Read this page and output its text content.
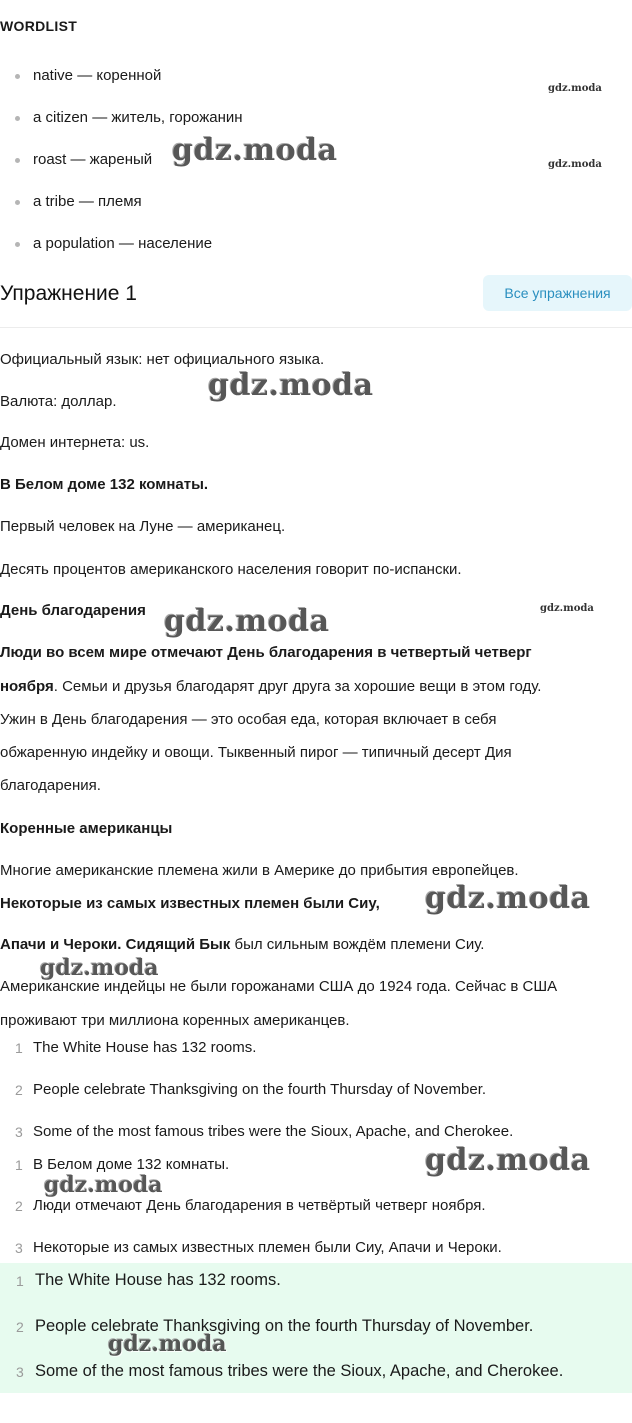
WORDLIST
native — коренной
a citizen — житель, горожанин
roast — жареный
a tribe — племя
a population — население
Упражнение 1	Все упражнения
Официальный язык: нет официального языка.
Валюта: доллар.
Домен интернета: us.
В Белом доме 132 комнаты.
Первый человек на Луне — американец.
Десять процентов американского населения говорит по-испански.
День благодарения
Люди во всем мире отмечают День благодарения в четвертый четверг
ноября. Семьи и друзья благодарят друг друга за хорошие вещи в этом году.
Ужин в День благодарения — это особая еда, которая включает в себя
обжаренную индейку и овощи. Тыквенный пирог — типичный десерт Дия
благодарения.
Коренные американцы
Многие американские племена жили в Америке до прибытия европейцев.
Некоторые из самых известных племен были Сиу,
Апачи и Чероки. Сидящий Бык был сильным вождём племени Сиу.
Американские индейцы не были горожанами США до 1924 года. Сейчас в США
проживают три миллиона коренных американцев.
1 The White House has 132 rooms.
2 People celebrate Thanksgiving on the fourth Thursday of November.
3 Some of the most famous tribes were the Sioux, Apache, and Cherokee.
1 В Белом доме 132 комнаты.
2 Люди отмечают День благодарения в четвёртый четверг ноября.
3 Некоторые из самых известных племен были Сиу, Апачи и Чероки.
1 The White House has 132 rooms.
2 People celebrate Thanksgiving on the fourth Thursday of November.
3 Some of the most famous tribes were the Sioux, Apache, and Cherokee.
gdz.moda
gdz.moda	gdz.moda
gdz.moda
gdz.moda
gdz.moda
gdz.moda
gdz.moda
gdz.moda
gdz.moda
gdz.moda
